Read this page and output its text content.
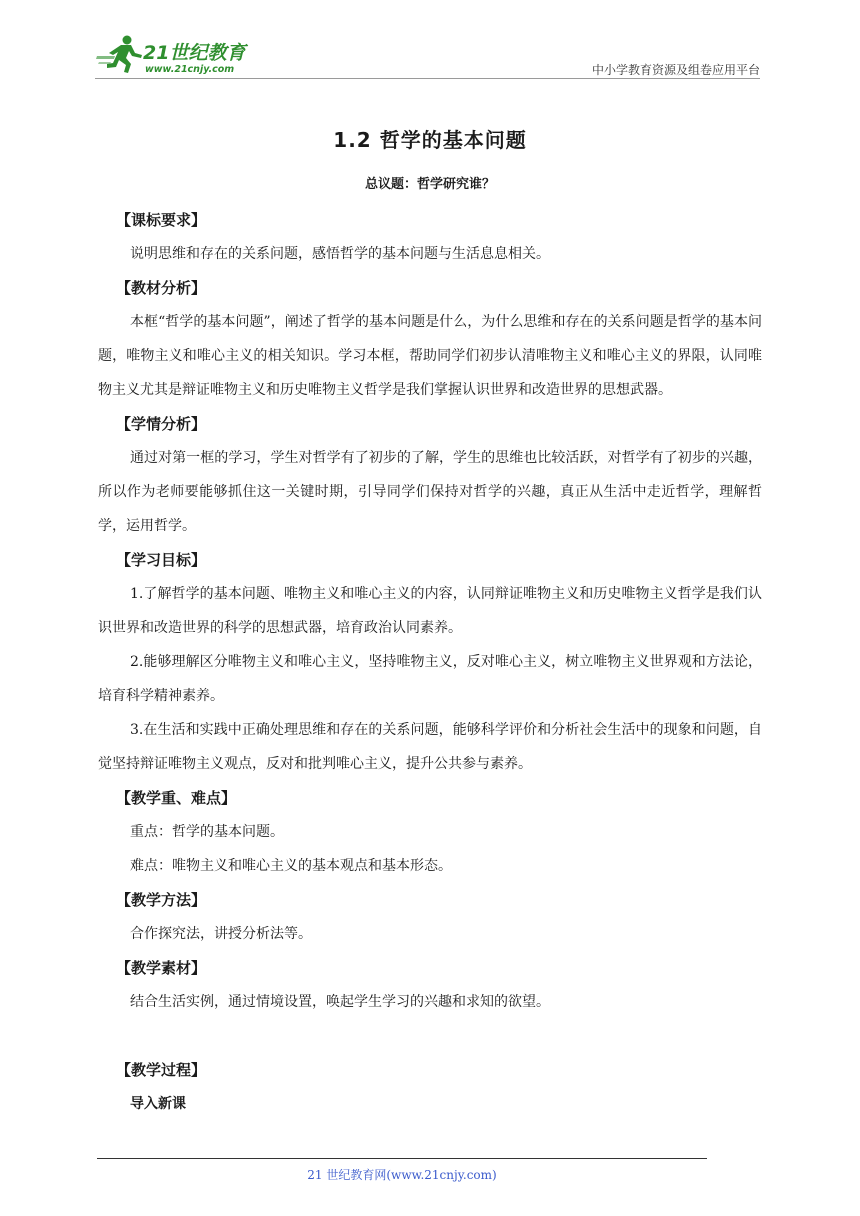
21世纪教育
www.21cnjy.com	中小学教育资源及组卷应用平台
1.2 哲学的基本问题
总议题：哲学研究谁？
【课标要求】

说明思维和存在的关系问题，感悟哲学的基本问题与生活息息相关。

【教材分析】

本框“哲学的基本问题”，阐述了哲学的基本问题是什么，为什么思维和存在的关系问题是哲学的基本问题，唯物主义和唯心主义的相关知识。学习本框，帮助同学们初步认清唯物主义和唯心主义的界限，认同唯物主义尤其是辩证唯物主义和历史唯物主义哲学是我们掌握认识世界和改造世界的思想武器。

【学情分析】

通过对第一框的学习，学生对哲学有了初步的了解，学生的思维也比较活跃，对哲学有了初步的兴趣，所以作为老师要能够抓住这一关键时期，引导同学们保持对哲学的兴趣，真正从生活中走近哲学，理解哲学，运用哲学。

【学习目标】

1.了解哲学的基本问题、唯物主义和唯心主义的内容，认同辩证唯物主义和历史唯物主义哲学是我们认识世界和改造世界的科学的思想武器，培育政治认同素养。

2.能够理解区分唯物主义和唯心主义，坚持唯物主义，反对唯心主义，树立唯物主义世界观和方法论，培育科学精神素养。

3.在生活和实践中正确处理思维和存在的关系问题，能够科学评价和分析社会生活中的现象和问题，自觉坚持辩证唯物主义观点，反对和批判唯心主义，提升公共参与素养。

【教学重、难点】

重点：哲学的基本问题。

难点：唯物主义和唯心主义的基本观点和基本形态。

【教学方法】

合作探究法，讲授分析法等。

【教学素材】

结合生活实例，通过情境设置，唤起学生学习的兴趣和求知的欲望。

【教学过程】
导入新课
21 世纪教育网(www.21cnjy.com)
